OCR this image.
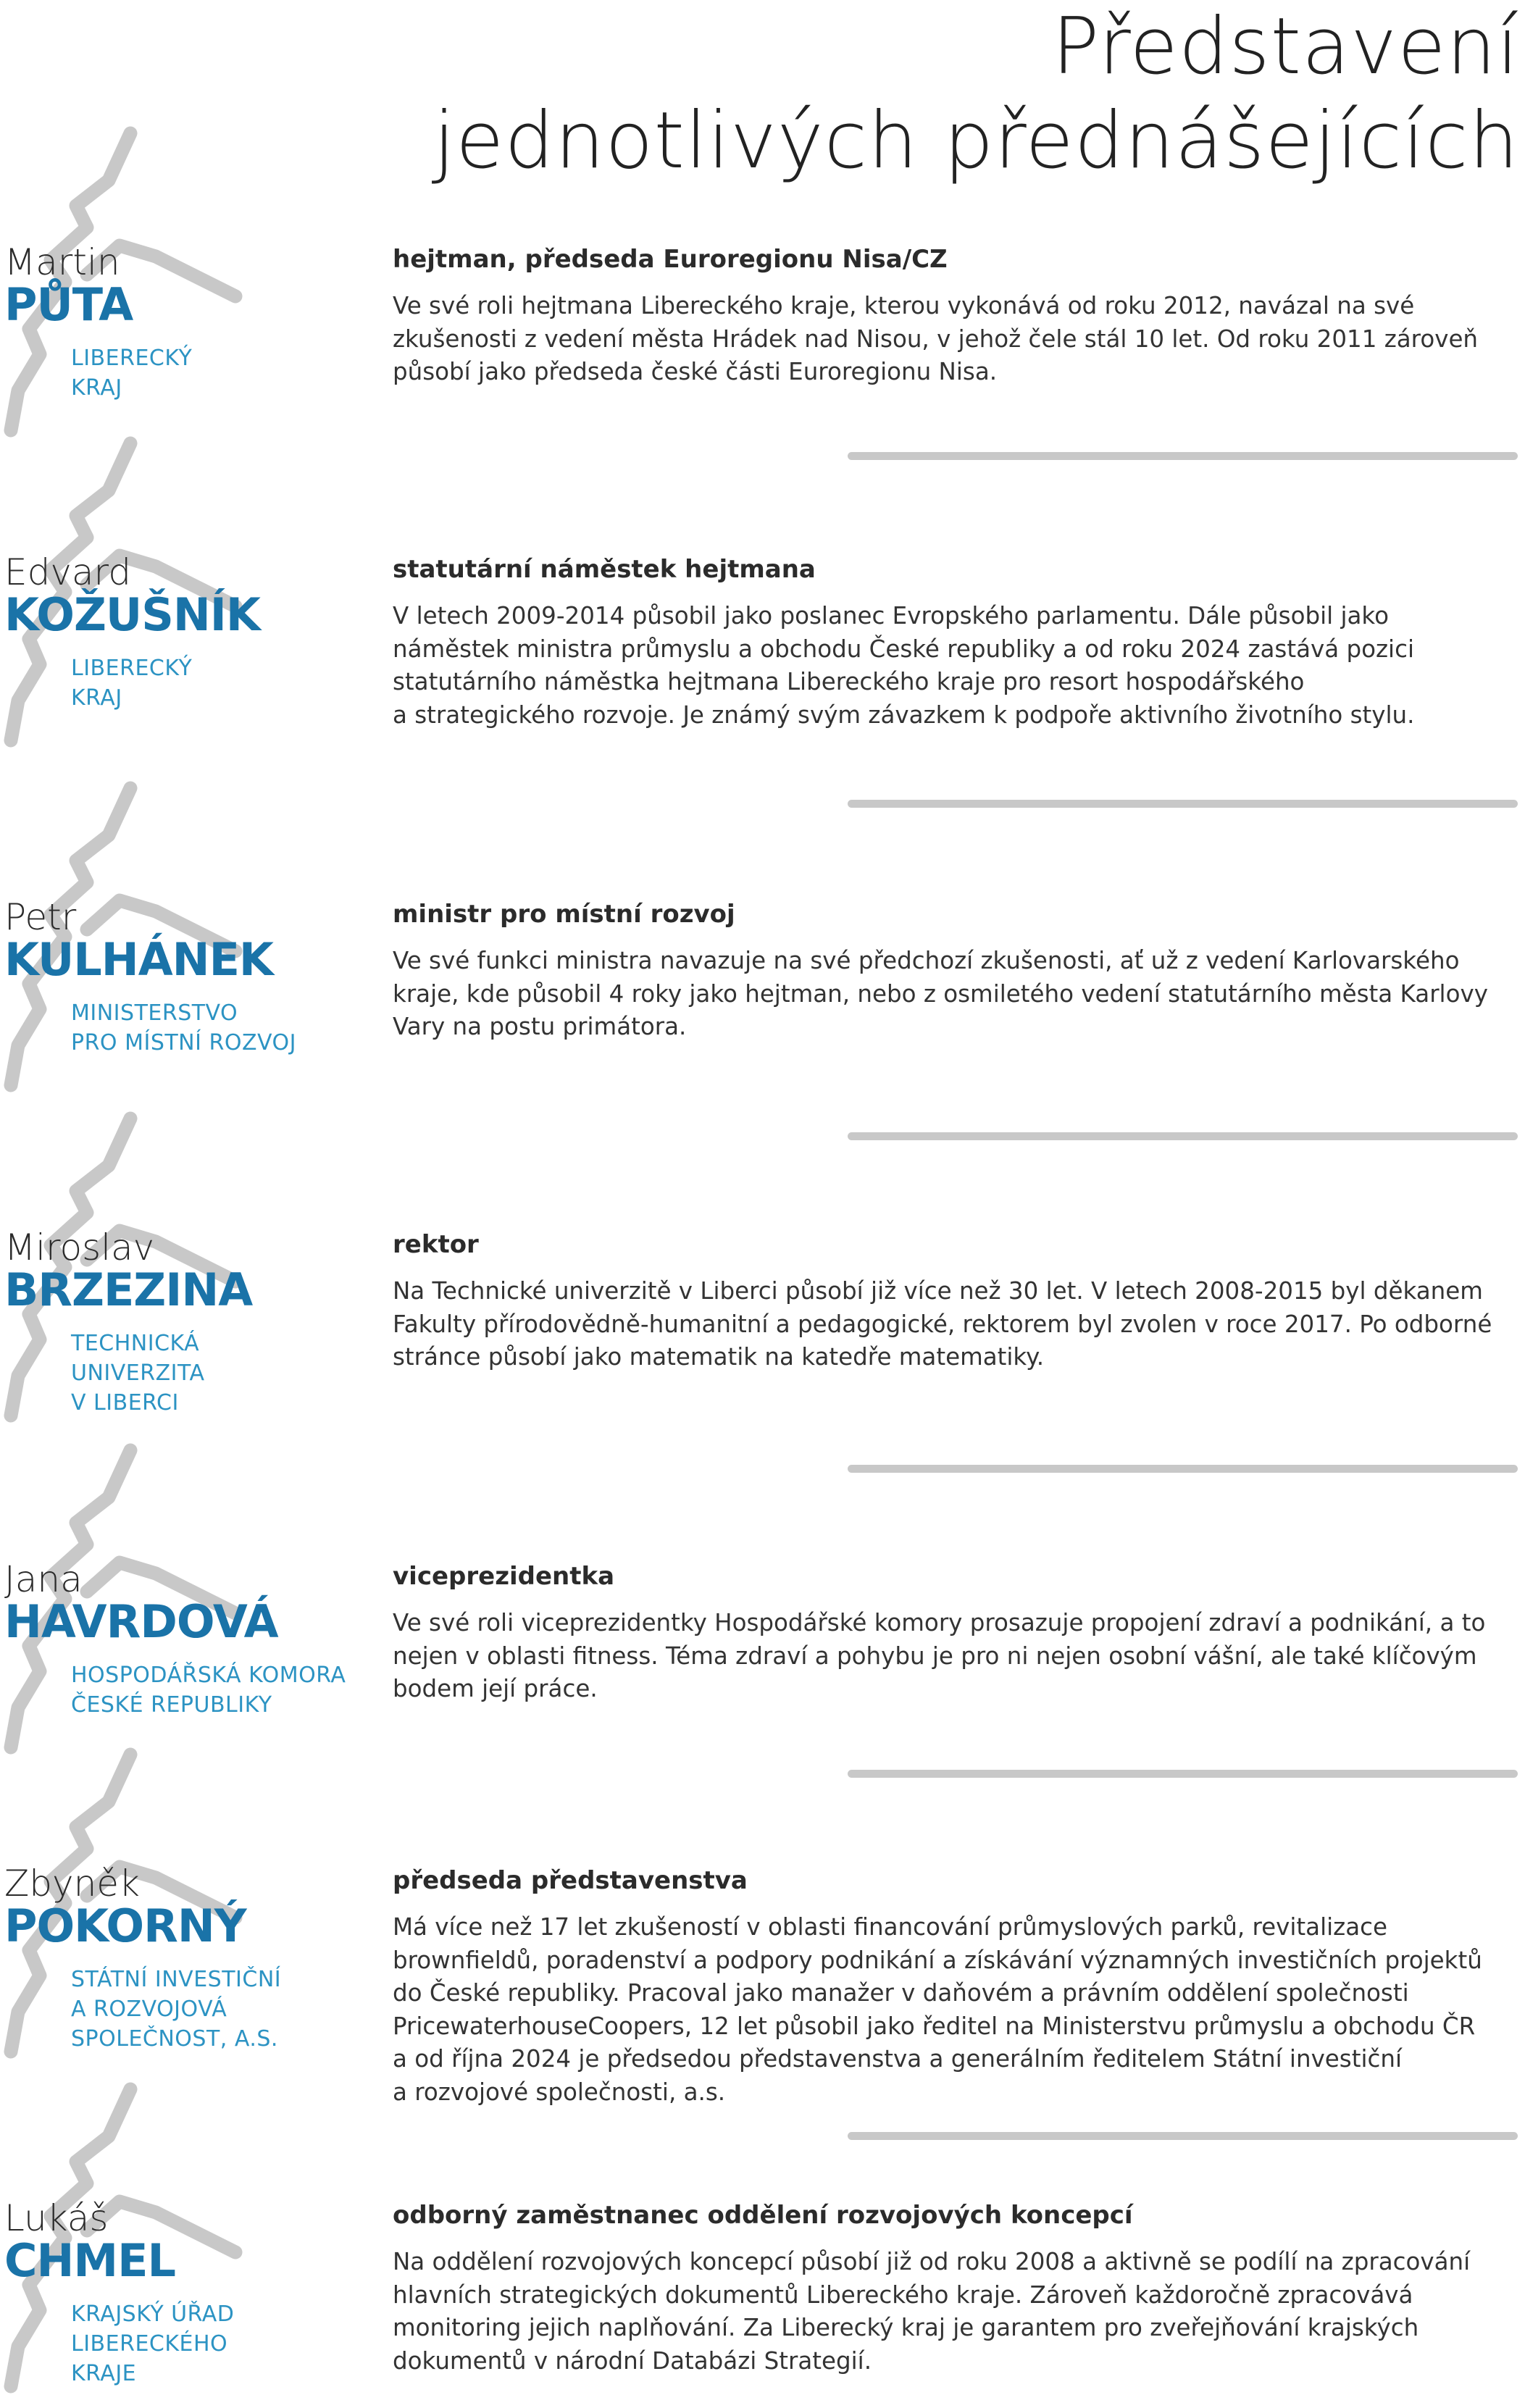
Představení
jednotlivých přednášejících
Martin
PŮTA
LIBERECKÝ
KRAJ
hejtman, předseda Euroregionu Nisa/CZ
Ve své roli hejtmana Libereckého kraje, kterou vykonává od roku 2012, navázal na své
zkušenosti z vedení města Hrádek nad Nisou, v jehož čele stál 10 let. Od roku 2011 zároveň
působí jako předseda české části Euroregionu Nisa.
Edvard
KOŽUŠNÍK
LIBERECKÝ
KRAJ
statutární náměstek hejtmana
V letech 2009-2014 působil jako poslanec Evropského parlamentu. Dále působil jako
náměstek ministra průmyslu a obchodu České republiky a od roku 2024 zastává pozici
statutárního náměstka hejtmana Libereckého kraje pro resort hospodářského
a strategického rozvoje. Je známý svým závazkem k podpoře aktivního životního stylu.
Petr
KULHÁNEK
MINISTERSTVO
PRO MÍSTNÍ ROZVOJ
ministr pro místní rozvoj
Ve své funkci ministra navazuje na své předchozí zkušenosti, ať už z vedení Karlovarského
kraje, kde působil 4 roky jako hejtman, nebo z osmiletého vedení statutárního města Karlovy
Vary na postu primátora.
Miroslav
BRZEZINA
TECHNICKÁ
UNIVERZITA
V LIBERCI
rektor
Na Technické univerzitě v Liberci působí již více než 30 let. V letech 2008-2015 byl děkanem
Fakulty přírodovědně-humanitní a pedagogické, rektorem byl zvolen v roce 2017. Po odborné
stránce působí jako matematik na katedře matematiky.
Jana
HAVRDOVÁ
HOSPODÁŘSKÁ KOMORA
ČESKÉ REPUBLIKY
viceprezidentka
Ve své roli viceprezidentky Hospodářské komory prosazuje propojení zdraví a podnikání, a to
nejen v oblasti fitness. Téma zdraví a pohybu je pro ni nejen osobní vášní, ale také klíčovým
bodem její práce.
Zbyněk
POKORNÝ
STÁTNÍ INVESTIČNÍ
A ROZVOJOVÁ
SPOLEČNOST, A.S.
předseda představenstva
Má více než 17 let zkušeností v oblasti financování průmyslových parků, revitalizace
brownfieldů, poradenství a podpory podnikání a získávání významných investičních projektů
do České republiky. Pracoval jako manažer v daňovém a právním oddělení společnosti
PricewaterhouseCoopers, 12 let působil jako ředitel na Ministerstvu průmyslu a obchodu ČR
a od října 2024 je předsedou představenstva a generálním ředitelem Státní investiční
a rozvojové společnosti, a.s.
Lukáš
CHMEL
KRAJSKÝ ÚŘAD
LIBERECKÉHO
KRAJE
odborný zaměstnanec oddělení rozvojových koncepcí
Na oddělení rozvojových koncepcí působí již od roku 2008 a aktivně se podílí na zpracování
hlavních strategických dokumentů Libereckého kraje. Zároveň každoročně zpracovává
monitoring jejich naplňování. Za Liberecký kraj je garantem pro zveřejňování krajských
dokumentů v národní Databázi Strategií.
